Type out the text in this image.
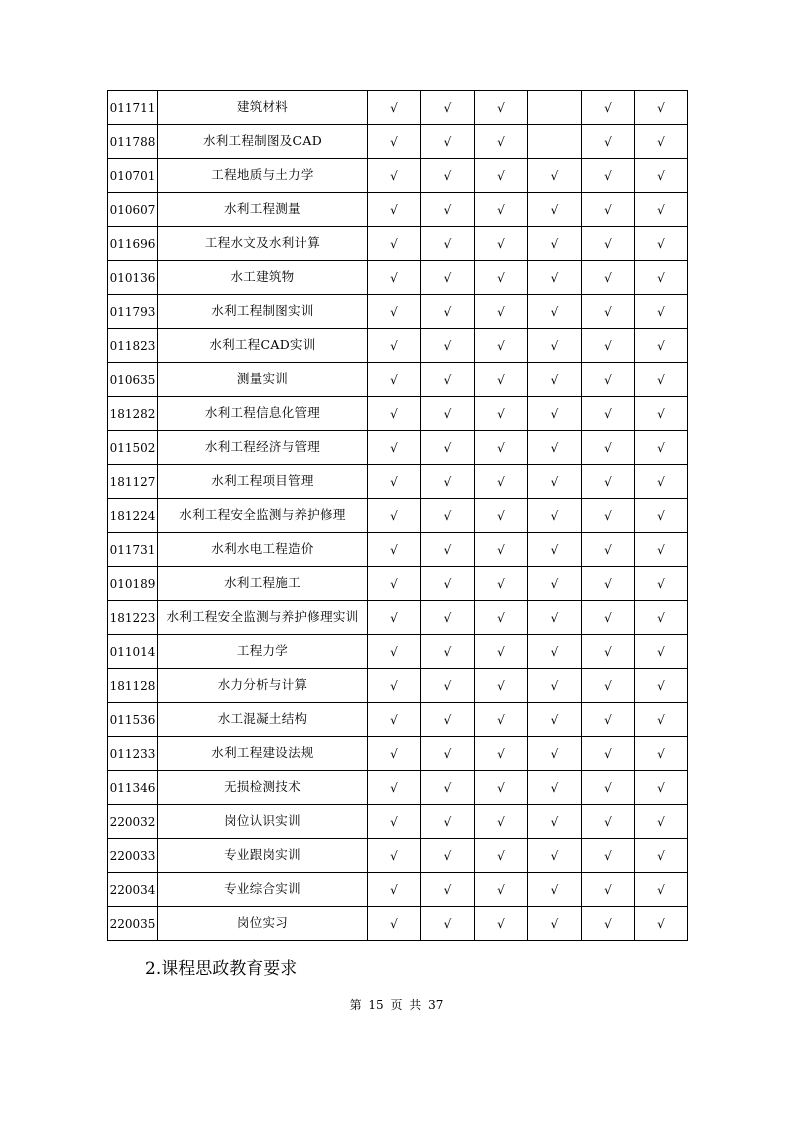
011711	建筑材料	√	√	√		√	√
011788	水利工程制图及CAD	√	√	√		√	√
010701	工程地质与土力学	√	√	√	√	√	√
010607	水利工程测量	√	√	√	√	√	√
011696	工程水文及水利计算	√	√	√	√	√	√
010136	水工建筑物	√	√	√	√	√	√
011793	水利工程制图实训	√	√	√	√	√	√
011823	水利工程CAD实训	√	√	√	√	√	√
010635	测量实训	√	√	√	√	√	√
181282	水利工程信息化管理	√	√	√	√	√	√
011502	水利工程经济与管理	√	√	√	√	√	√
181127	水利工程项目管理	√	√	√	√	√	√
181224	水利工程安全监测与养护修理	√	√	√	√	√	√
011731	水利水电工程造价	√	√	√	√	√	√
010189	水利工程施工	√	√	√	√	√	√
181223	水利工程安全监测与养护修理实训	√	√	√	√	√	√
011014	工程力学	√	√	√	√	√	√
181128	水力分析与计算	√	√	√	√	√	√
011536	水工混凝土结构	√	√	√	√	√	√
011233	水利工程建设法规	√	√	√	√	√	√
011346	无损检测技术	√	√	√	√	√	√
220032	岗位认识实训	√	√	√	√	√	√
220033	专业跟岗实训	√	√	√	√	√	√
220034	专业综合实训	√	√	√	√	√	√
220035	岗位实习	√	√	√	√	√	√
2.课程思政教育要求
第 15 页 共 37
